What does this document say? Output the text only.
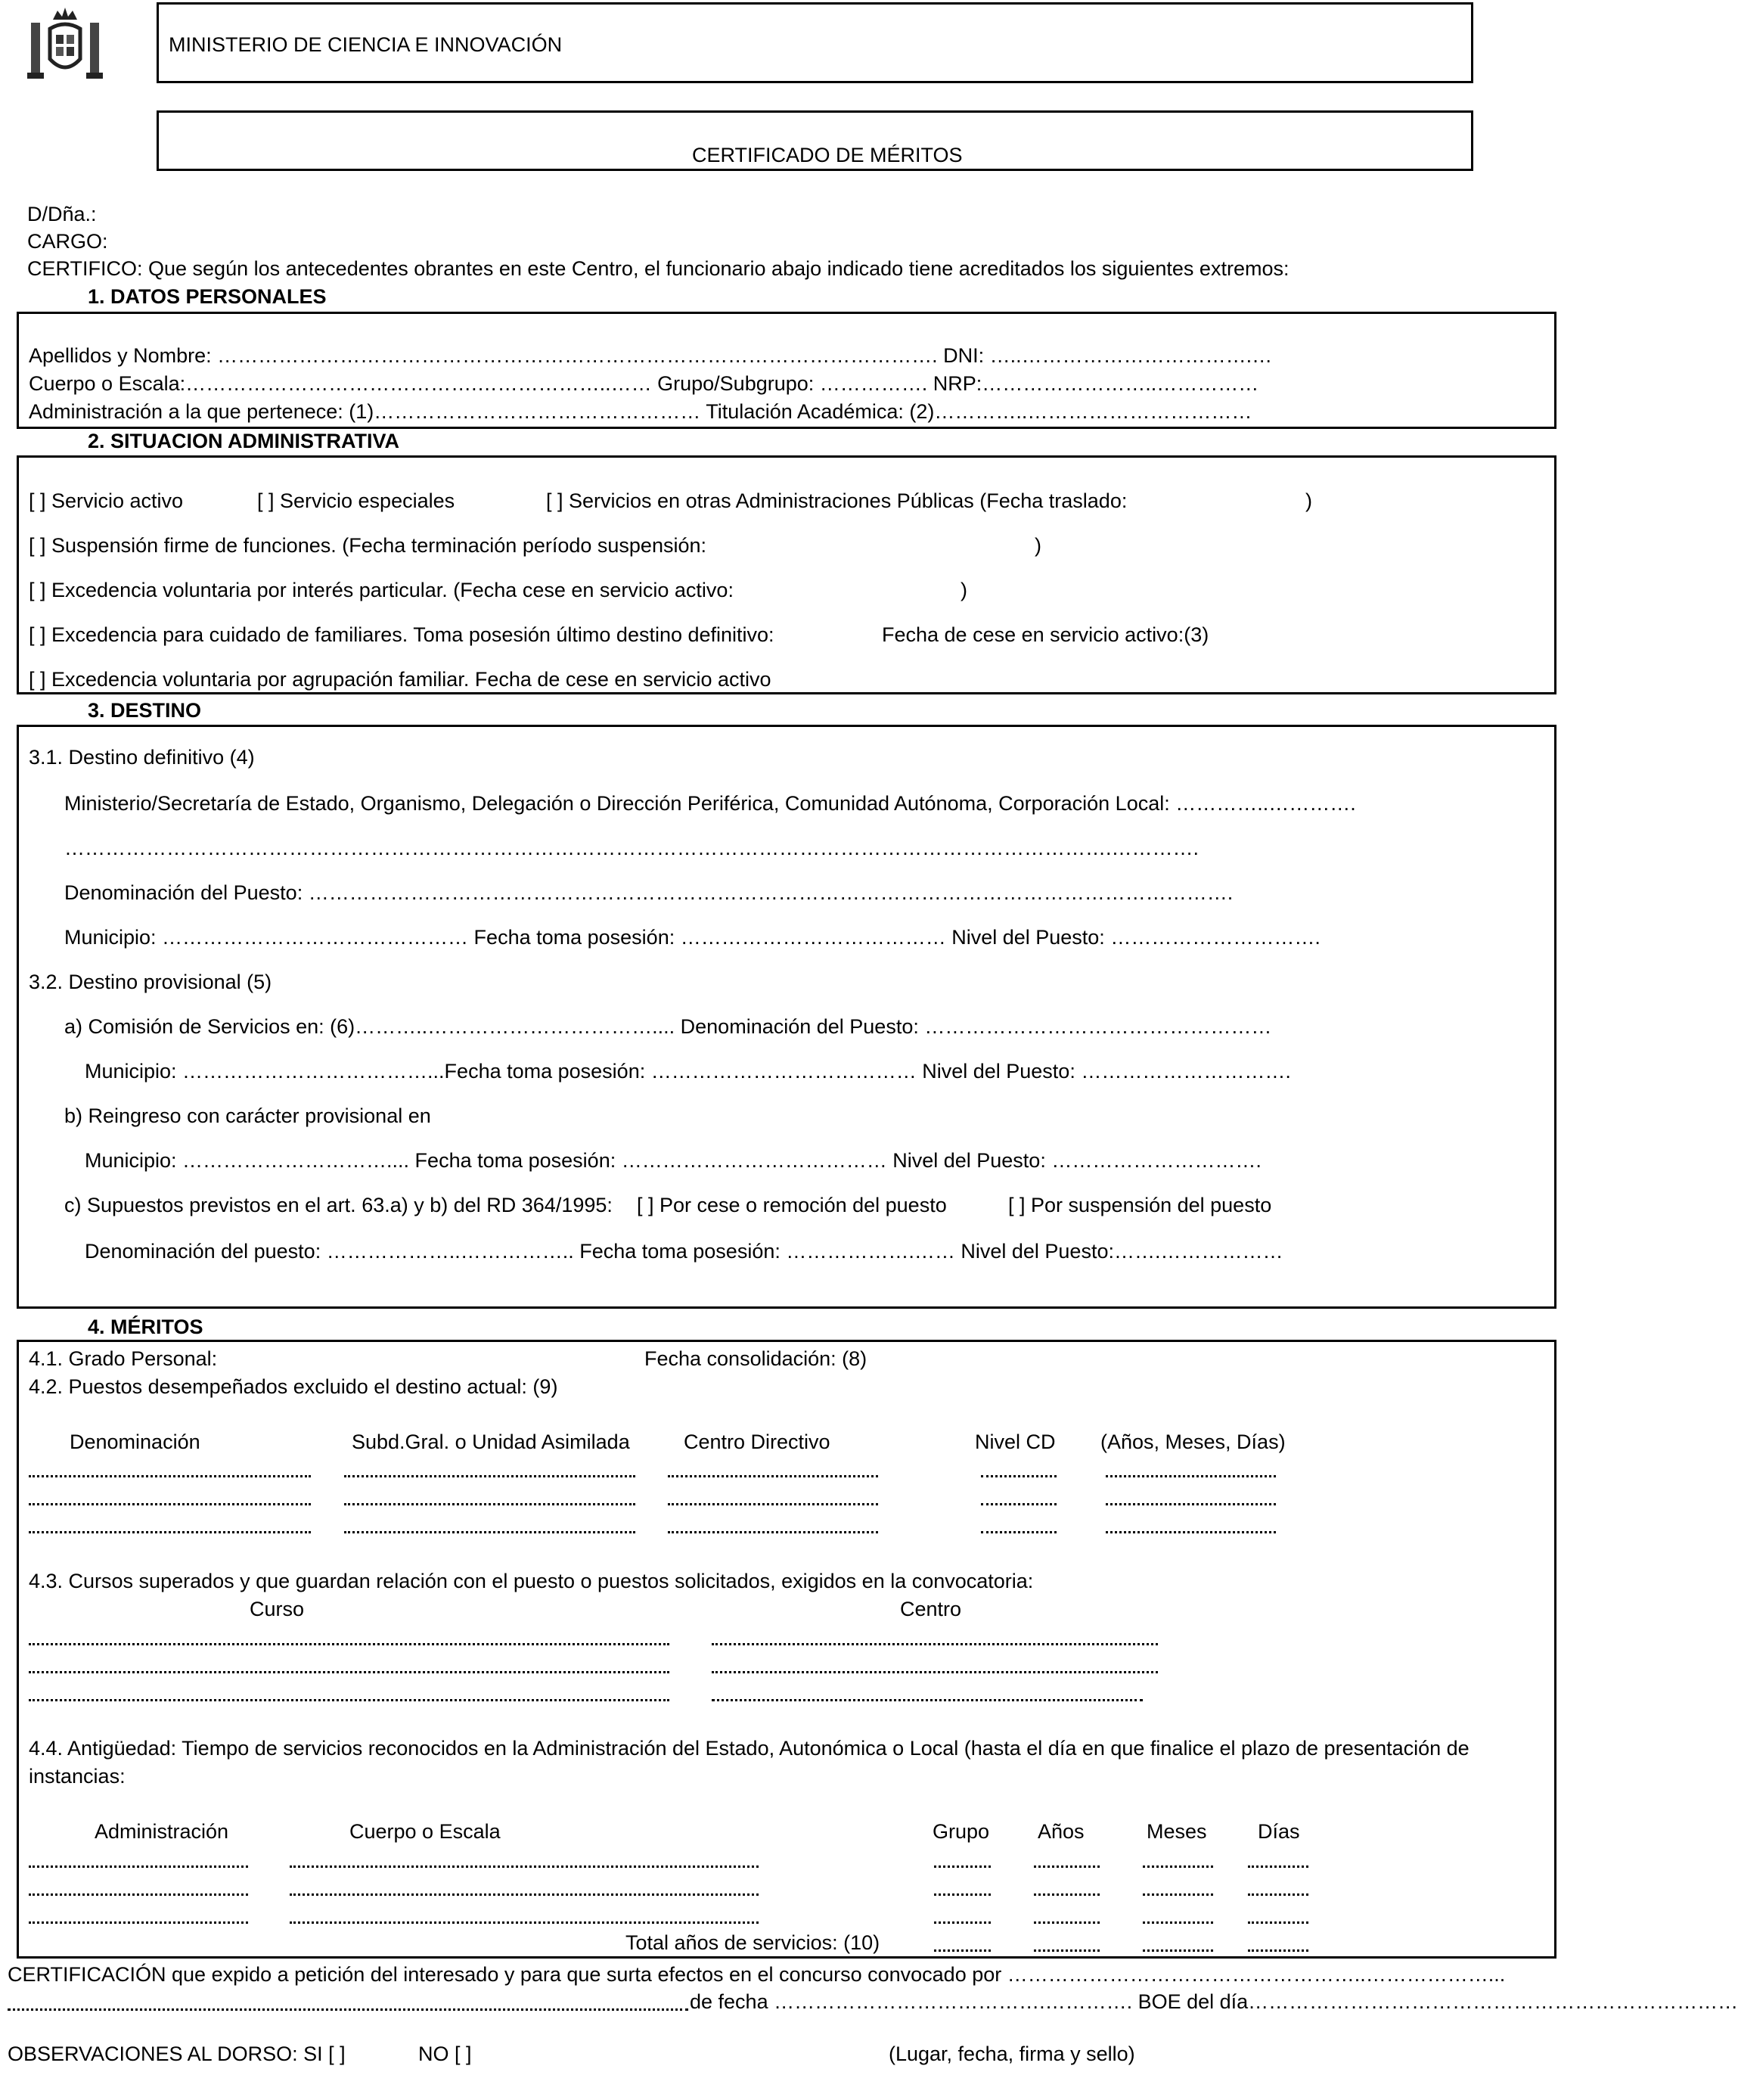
MINISTERIO DE CIENCIA E INNOVACIÓN
CERTIFICADO DE MÉRITOS
D/Dña.:
CARGO:
CERTIFICO: Que según los antecedentes obrantes en este Centro, el funcionario abajo indicado tiene acreditados los siguientes extremos:
1. DATOS PERSONALES
Apellidos y Nombre: ……………………………………………………………………………………………. DNI: …..…………………………….…
Cuerpo o Escala:…………………………………….………………..…… Grupo/Subgrupo: ……………. NRP:……………………..……………
Administración a la que pertenece: (1)………………………………………… Titulación Académica: (2)…………..……………………………
2. SITUACION ADMINISTRATIVA
[ ] Servicio activo	[ ] Servicio especiales	[ ] Servicios en otras Administraciones Públicas (Fecha traslado:	)
[ ] Suspensión firme de funciones. (Fecha terminación período suspensión:	)
[ ] Excedencia voluntaria por interés particular. (Fecha cese en servicio activo:	)
[ ] Excedencia para cuidado de familiares. Toma posesión último destino definitivo:	Fecha de cese en servicio activo:(3)
[ ] Excedencia voluntaria por agrupación familiar. Fecha de cese en servicio activo
3. DESTINO
3.1. Destino definitivo (4)
Ministerio/Secretaría de Estado, Organismo, Delegación o Dirección Periférica, Comunidad Autónoma, Corporación Local: …………..………….
……………………………………………………………………………………………………………………………………….………….
Denominación del Puesto: ……………………………………………………………………………………………………………………….
Municipio: ……………………………………… Fecha toma posesión: ………………………………… Nivel del Puesto: ………………………….
3.2. Destino provisional (5)
a) Comisión de Servicios en: (6)………..…………………………….... Denominación del Puesto: ……………………………………………
Municipio: ………………………………...Fecha toma posesión: ………………………………… Nivel del Puesto: ………………………….
b) Reingreso con carácter provisional en
Municipio: ………………………….... Fecha toma posesión: ………………………………… Nivel del Puesto: ………………………….
c) Supuestos previstos en el art. 63.a) y b) del RD 364/1995: [ ] Por cese o remoción del puesto	[ ] Por suspensión del puesto
Denominación del puesto: ………………..…………….. Fecha toma posesión: ……………….…… Nivel del Puesto:…….………………
4. MÉRITOS
4.1. Grado Personal:	Fecha consolidación: (8)
4.2. Puestos desempeñados excluido el destino actual: (9)
Denominación	Subd.Gral. o Unidad Asimilada	Centro Directivo	Nivel CD (Años, Meses, Días)
4.3. Cursos superados y que guardan relación con el puesto o puestos solicitados, exigidos en la convocatoria:
Curso	Centro
4.4. Antigüedad: Tiempo de servicios reconocidos en la Administración del Estado, Autonómica o Local (hasta el día en que finalice el plazo de presentación de
instancias:
Administración	Cuerpo o Escala	Grupo Años	Meses Días
Total años de servicios: (10)
CERTIFICACIÓN que expido a petición del interesado y para que surta efectos en el concurso convocado por ……………………………………………..………………...
de fecha ………………………………….…………. BOE del día………………………………………………………………
OBSERVACIONES AL DORSO: SI [ ]	NO [ ]	(Lugar, fecha, firma y sello)
